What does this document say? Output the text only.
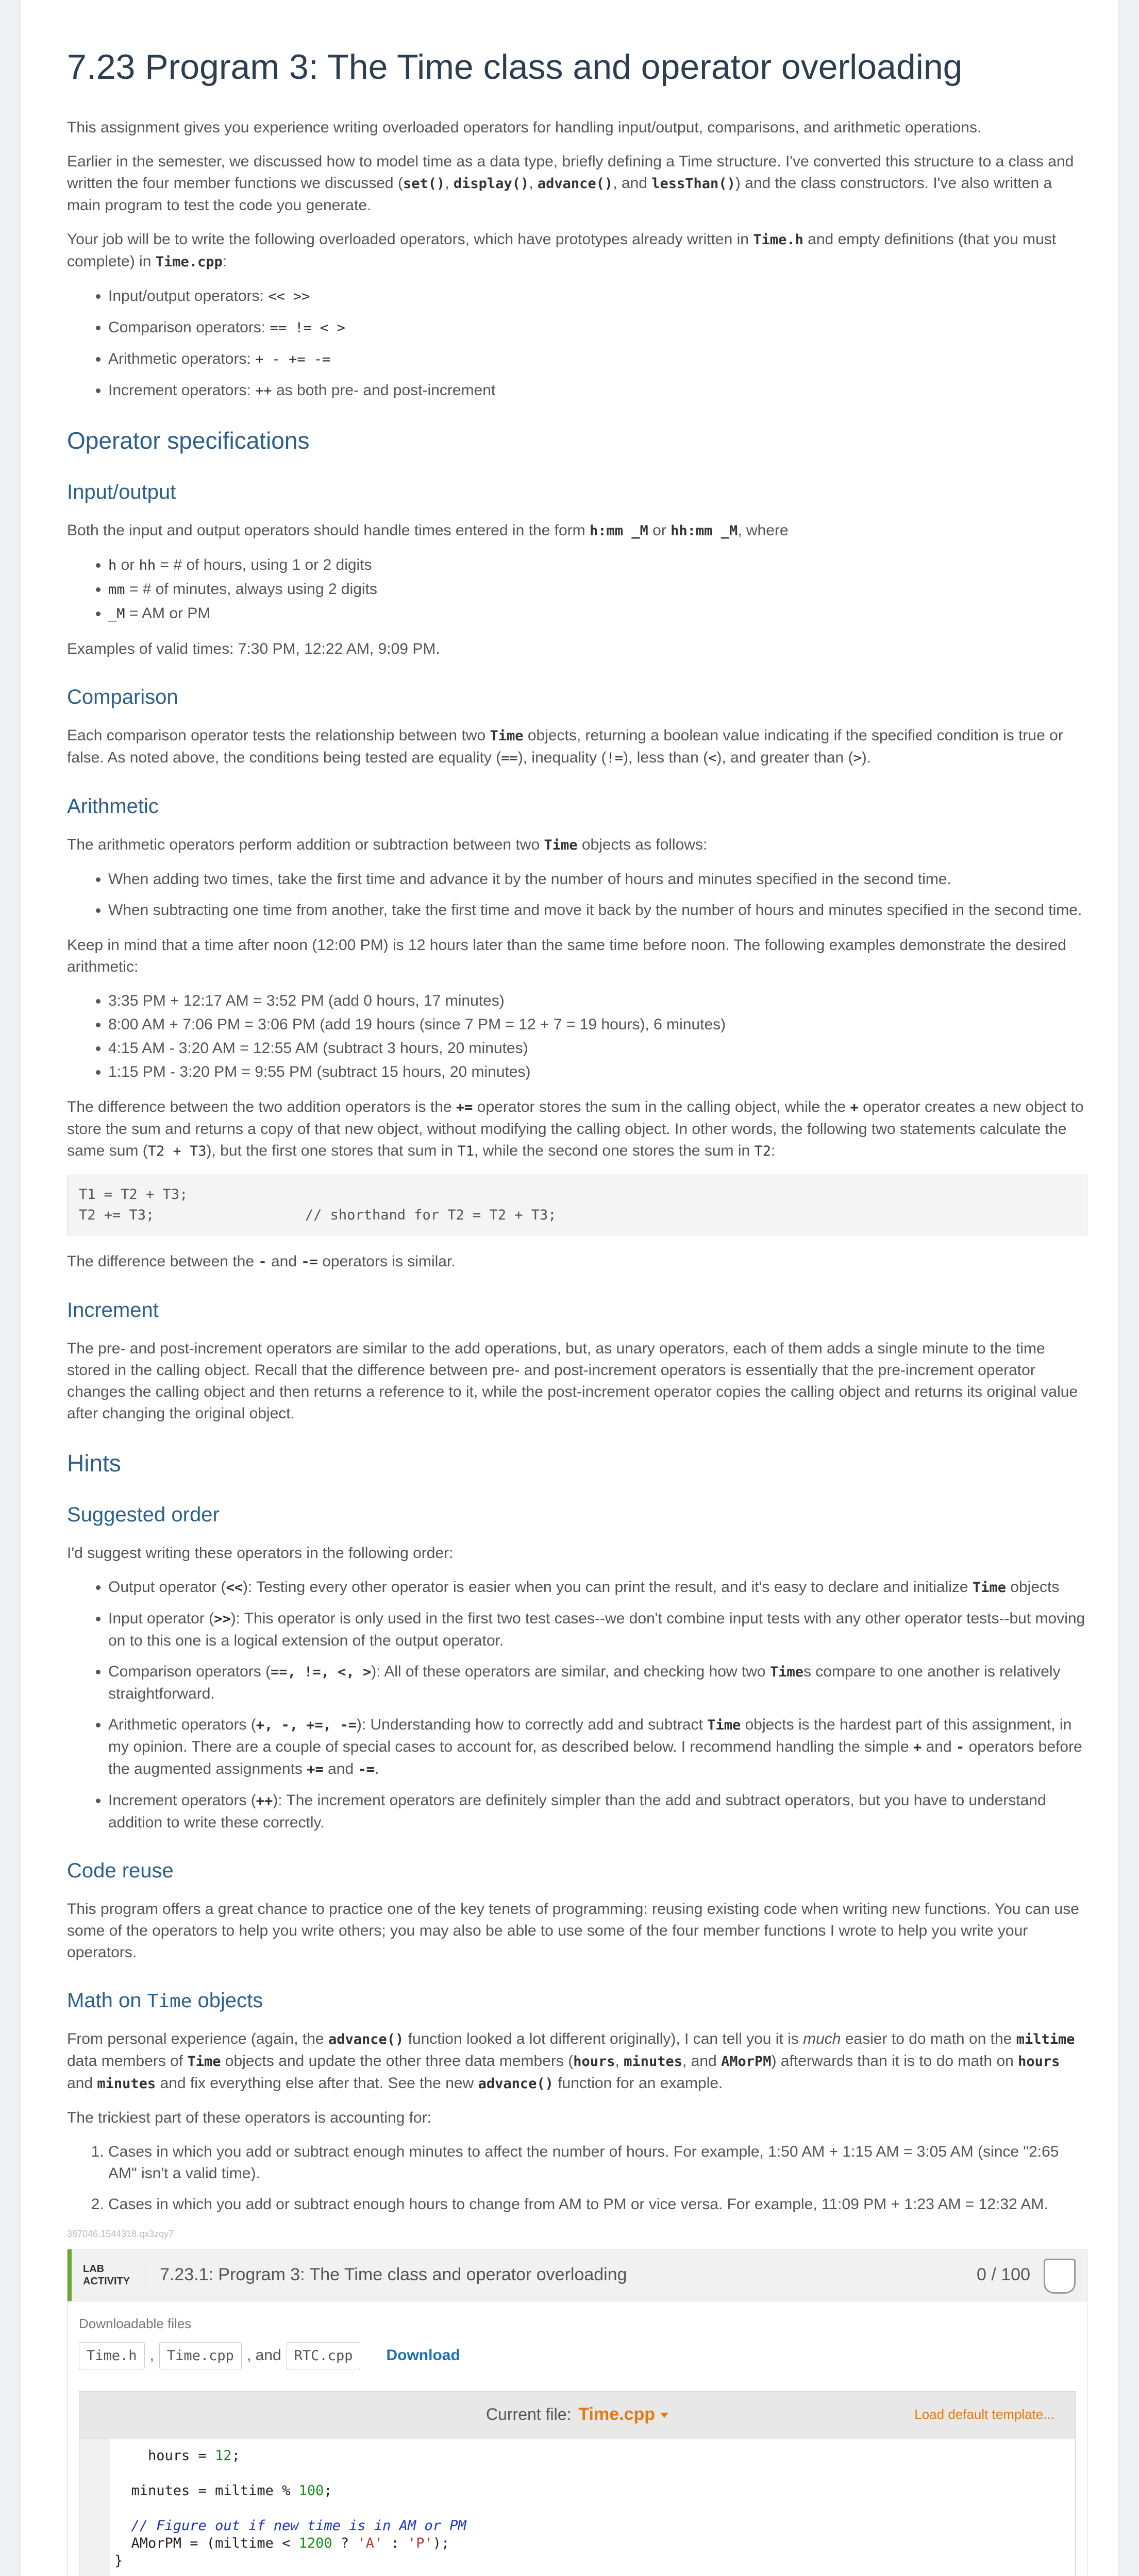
7.23 Program 3: The Time class and operator overloading

This assignment gives you experience writing overloaded operators for handling input/output, comparisons, and arithmetic operations.

Earlier in the semester, we discussed how to model time as a data type, briefly defining a Time structure. I've converted this structure to a class and written the four member functions we discussed (set(), display(), advance(), and lessThan()) and the class constructors. I've also written a main program to test the code you generate.

Your job will be to write the following overloaded operators, which have prototypes already written in Time.h and empty definitions (that you must complete) in Time.cpp:

• Input/output operators: << >>
• Comparison operators: == != < >
• Arithmetic operators: + - += -=
• Increment operators: ++ as both pre- and post-increment
Operator specifications
Input/output

Both the input and output operators should handle times entered in the form h:mm _M or hh:mm _M, where

• h or hh = # of hours, using 1 or 2 digits
• mm = # of minutes, always using 2 digits
• _M = AM or PM

Examples of valid times: 7:30 PM, 12:22 AM, 9:09 PM.

Comparison

Each comparison operator tests the relationship between two Time objects, returning a boolean value indicating if the specified condition is true or false. As noted above, the conditions being tested are equality (==), inequality (!=), less than (<), and greater than (>).

Arithmetic

The arithmetic operators perform addition or subtraction between two Time objects as follows:

• When adding two times, take the first time and advance it by the number of hours and minutes specified in the second time.
• When subtracting one time from another, take the first time and move it back by the number of hours and minutes specified in the second time.

Keep in mind that a time after noon (12:00 PM) is 12 hours later than the same time before noon. The following examples demonstrate the desired arithmetic:

• 3:35 PM + 12:17 AM = 3:52 PM (add 0 hours, 17 minutes)
• 8:00 AM + 7:06 PM = 3:06 PM (add 19 hours (since 7 PM = 12 + 7 = 19 hours), 6 minutes)
• 4:15 AM - 3:20 AM = 12:55 AM (subtract 3 hours, 20 minutes)
• 1:15 PM - 3:20 PM = 9:55 PM (subtract 15 hours, 20 minutes)

The difference between the two addition operators is the += operator stores the sum in the calling object, while the + operator creates a new object to store the sum and returns a copy of that new object, without modifying the calling object. In other words, the following two statements calculate the same sum (T2 + T3), but the first one stores that sum in T1, while the second one stores the sum in T2:

T1 = T2 + T3;
T2 += T3;                  // shorthand for T2 = T2 + T3;

The difference between the - and -= operators is similar.

Increment

The pre- and post-increment operators are similar to the add operations, but, as unary operators, each of them adds a single minute to the time stored in the calling object. Recall that the difference between pre- and post-increment operators is essentially that the pre-increment operator changes the calling object and then returns a reference to it, while the post-increment operator copies the calling object and returns its original value after changing the original object.

Hints
Suggested order

I'd suggest writing these operators in the following order:

• Output operator (<<): Testing every other operator is easier when you can print the result, and it's easy to declare and initialize Time objects
• Input operator (>>): This operator is only used in the first two test cases--we don't combine input tests with any other operator tests--but moving on to this one is a logical extension of the output operator.
• Comparison operators (==, !=, <, >): All of these operators are similar, and checking how two Times compare to one another is relatively straightforward.
• Arithmetic operators (+, -, +=, -=): Understanding how to correctly add and subtract Time objects is the hardest part of this assignment, in my opinion. There are a couple of special cases to account for, as described below. I recommend handling the simple + and - operators before the augmented assignments += and -=.
• Increment operators (++): The increment operators are definitely simpler than the add and subtract operators, but you have to understand addition to write these correctly.
Code reuse

This program offers a great chance to practice one of the key tenets of programming: reusing existing code when writing new functions. You can use some of the operators to help you write others; you may also be able to use some of the four member functions I wrote to help you write your operators.

Math on Time objects

From personal experience (again, the advance() function looked a lot different originally), I can tell you it is much easier to do math on the miltime data members of Time objects and update the other three data members (hours, minutes, and AMorPM) afterwards than it is to do math on hours and minutes and fix everything else after that. See the new advance() function for an example.

The trickiest part of these operators is accounting for:

1. Cases in which you add or subtract enough minutes to affect the number of hours. For example, 1:50 AM + 1:15 AM = 3:05 AM (since "2:65 AM" isn't a valid time).
2. Cases in which you add or subtract enough hours to change from AM to PM or vice versa. For example, 11:09 PM + 1:23 AM = 12:32 AM.
387046.1544318.qx3zqy7
LAB
ACTIVITY	7.23.1: Program 3: The Time class and operator overloading	0 / 100
Downloadable files
Time.h , Time.cpp , and RTC.cpp	Download
Current file: Time.cpp	Load default template...
200 hours = 12;
201
202 minutes = miltime % 100;
203
204 // Figure out if new time is in AM or PM
205 AMorPM = (miltime < 1200 ? 'A' : 'P');
206 }
